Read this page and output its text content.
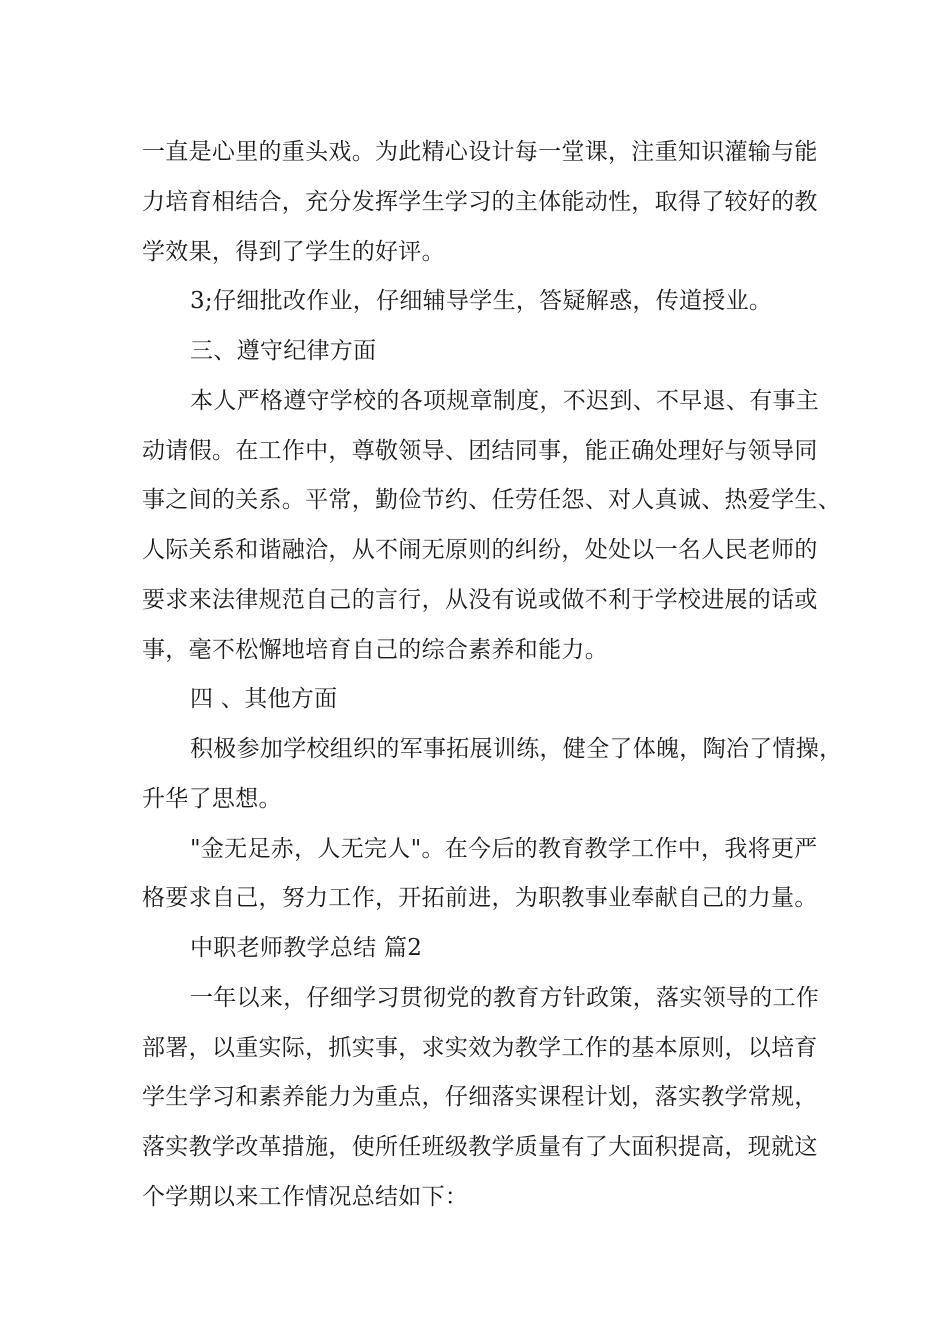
一直是心里的重头戏。为此精心设计每一堂课，注重知识灌输与能
力培育相结合，充分发挥学生学习的主体能动性，取得了较好的教
学效果，得到了学生的好评。
3;仔细批改作业，仔细辅导学生，答疑解惑，传道授业。
三、遵守纪律方面
本人严格遵守学校的各项规章制度，不迟到、不早退、有事主
动请假。在工作中，尊敬领导、团结同事，能正确处理好与领导同
事之间的关系。平常，勤俭节约、任劳任怨、对人真诚、热爱学生、
人际关系和谐融洽，从不闹无原则的纠纷，处处以一名人民老师的
要求来法律规范自己的言行，从没有说或做不利于学校进展的话或
事，毫不松懈地培育自己的综合素养和能力。
四 、其他方面
积极参加学校组织的军事拓展训练，健全了体魄，陶冶了情操，
升华了思想。
"金无足赤，人无完人"。在今后的教育教学工作中，我将更严
格要求自己，努力工作，开拓前进，为职教事业奉献自己的力量。
中职老师教学总结 篇2
一年以来，仔细学习贯彻党的教育方针政策，落实领导的工作
部署，以重实际，抓实事，求实效为教学工作的基本原则，以培育
学生学习和素养能力为重点，仔细落实课程计划，落实教学常规，
落实教学改革措施，使所任班级教学质量有了大面积提高，现就这
个学期以来工作情况总结如下：
